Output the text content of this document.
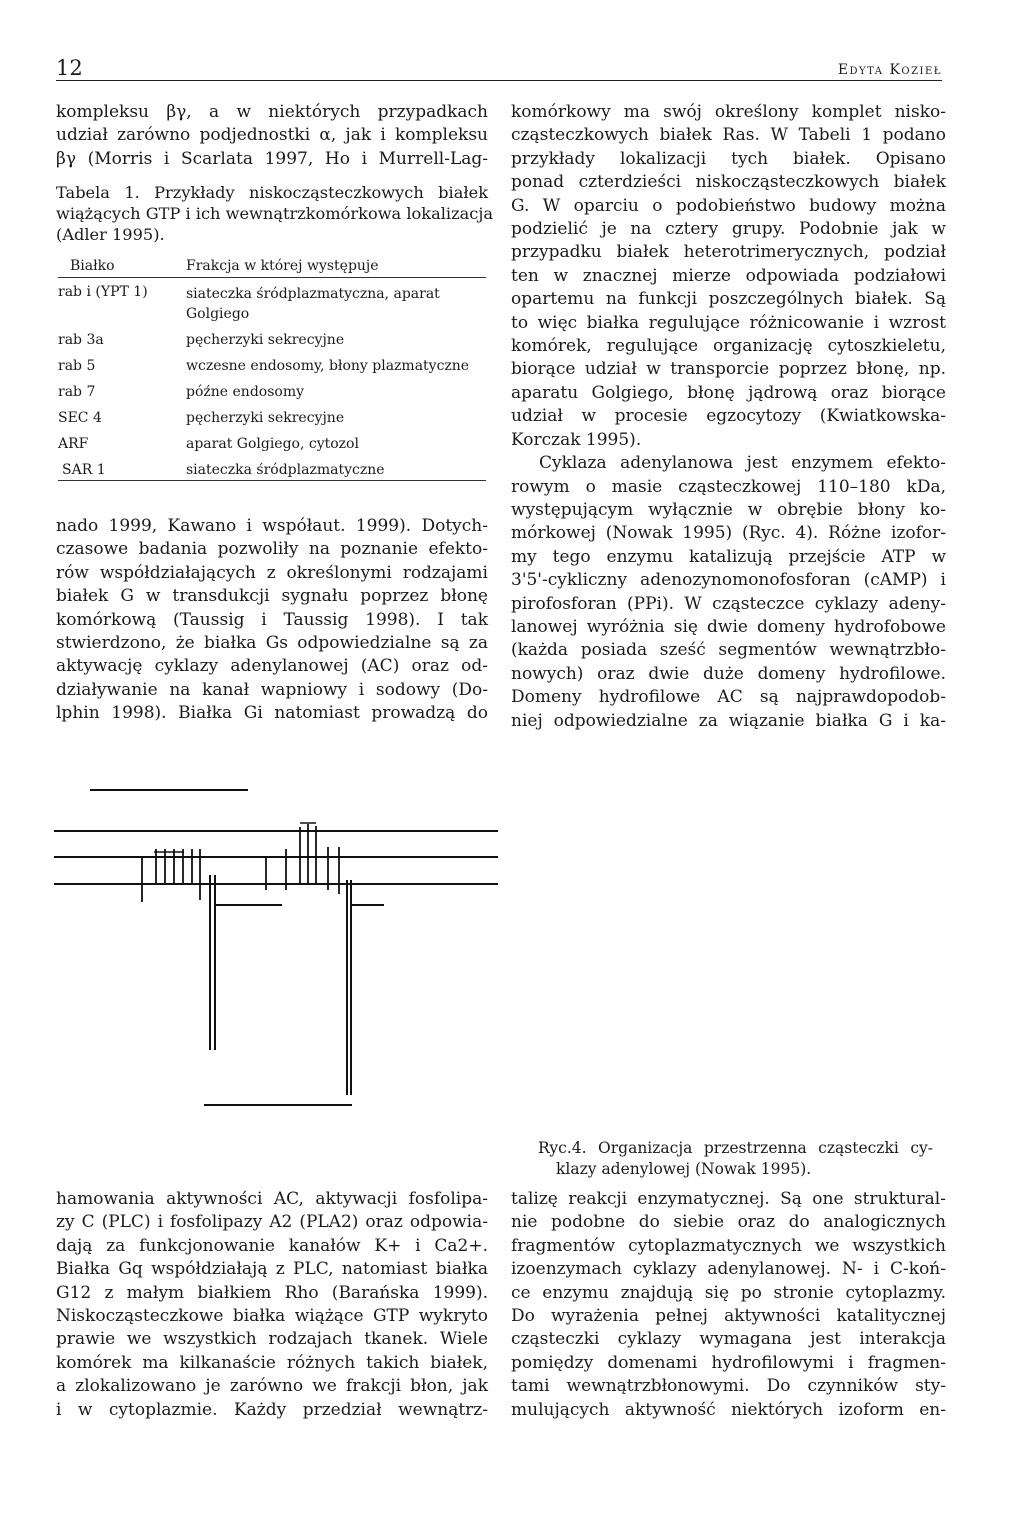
12	Edyta Kozieł
kompleksu βγ, a w niektórych przypadkach
udział zarówno podjednostki α, jak i kompleksu
βγ (Morris i Scarlata 1997, Ho i Murrell-Lag-
Tabela 1. Przykłady niskocząsteczkowych białek
wiążących GTP i ich wewnątrzkomórkowa lokalizacja
(Adler 1995).
Białko	Frakcja w której występuje
rab i (YPT 1)	siateczka śródplazmatyczna, aparat Golgiego
rab 3a	pęcherzyki sekrecyjne
rab 5	wczesne endosomy, błony plazmatyczne
rab 7	późne endosomy
SEC 4	pęcherzyki sekrecyjne
ARF	aparat Golgiego, cytozol
SAR 1	siateczka śródplazmatyczne
nado 1999, Kawano i współaut. 1999). Dotych-
czasowe badania pozwoliły na poznanie efekto-
rów współdziałających z określonymi rodzajami
białek G w transdukcji sygnału poprzez błonę
komórkową (Taussig i Taussig 1998). I tak
stwierdzono, że białka Gs odpowiedzialne są za
aktywację cyklazy adenylanowej (AC) oraz od-
działywanie na kanał wapniowy i sodowy (Do-
lphin 1998). Białka Gi natomiast prowadzą do
komórkowy ma swój określony komplet nisko-
cząsteczkowych białek Ras. W Tabeli 1 podano
przykłady lokalizacji tych białek. Opisano
ponad czterdzieści niskocząsteczkowych białek
G. W oparciu o podobieństwo budowy można
podzielić je na cztery grupy. Podobnie jak w
przypadku białek heterotrimerycznych, podział
ten w znacznej mierze odpowiada podziałowi
opartemu na funkcji poszczególnych białek. Są
to więc białka regulujące różnicowanie i wzrost
komórek, regulujące organizację cytoszkieletu,
biorące udział w transporcie poprzez błonę, np.
aparatu Golgiego, błonę jądrową oraz biorące
udział w procesie egzocytozy (Kwiatkowska-
Korczak 1995).
Cyklaza adenylanowa jest enzymem efekto-
rowym o masie cząsteczkowej 110–180 kDa,
występującym wyłącznie w obrębie błony ko-
mórkowej (Nowak 1995) (Ryc. 4). Różne izofor-
my tego enzymu katalizują przejście ATP w
3'5'-cykliczny adenozynomonofosforan (cAMP) i
pirofosforan (PPi). W cząsteczce cyklazy adeny-
lanowej wyróżnia się dwie domeny hydrofobowe
(każda posiada sześć segmentów wewnątrzbło-
nowych) oraz dwie duże domeny hydrofilowe.
Domeny hydrofilowe AC są najprawdopodob-
niej odpowiedzialne za wiązanie białka G i ka-
Ryc.4. Organizacja przestrzenna cząsteczki cy-
klazy adenylowej (Nowak 1995).
hamowania aktywności AC, aktywacji fosfolipa-
zy C (PLC) i fosfolipazy A2 (PLA2) oraz odpowia-
dają za funkcjonowanie kanałów K+ i Ca2+.
Białka Gq współdziałają z PLC, natomiast białka
G12 z małym białkiem Rho (Barańska 1999).
Niskocząsteczkowe białka wiążące GTP wykryto
prawie we wszystkich rodzajach tkanek. Wiele
komórek ma kilkanaście różnych takich białek,
a zlokalizowano je zarówno we frakcji błon, jak
i w cytoplazmie. Każdy przedział wewnątrz-
talizę reakcji enzymatycznej. Są one struktural-
nie podobne do siebie oraz do analogicznych
fragmentów cytoplazmatycznych we wszystkich
izoenzymach cyklazy adenylanowej. N- i C-koń-
ce enzymu znajdują się po stronie cytoplazmy.
Do wyrażenia pełnej aktywności katalitycznej
cząsteczki cyklazy wymagana jest interakcja
pomiędzy domenami hydrofilowymi i fragmen-
tami wewnątrzbłonowymi. Do czynników sty-
mulujących aktywność niektórych izoform en-
